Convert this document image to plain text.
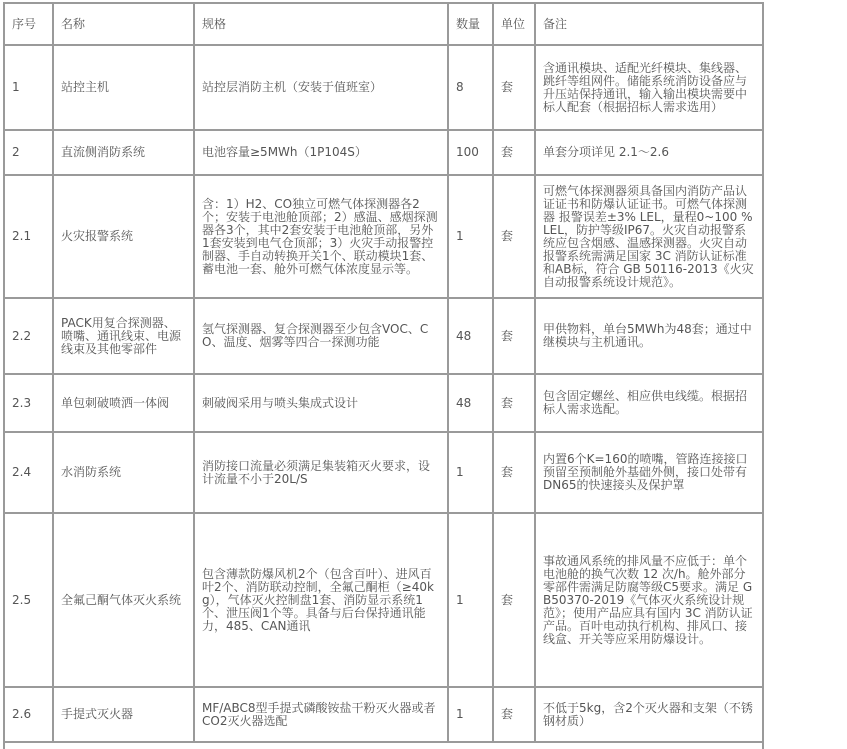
序号	名称	规格	数量	单位	备注
1	站控主机	站控层消防主机（安装于值班室）	8	套	含通讯模块、适配光纤模块、集线器、跳纤等组网件。储能系统消防设备应与升压站保持通讯，输入输出模块需要中标人配套（根据招标人需求选用）
2	直流侧消防系统	电池容量≥5MWh（1P104S）	100	套	单套分项详见 2.1～2.6
2.1	火灾报警系统	含：1）H2、CO独立可燃气体探测器各2个；安装于电池舱顶部；2）感温、感烟探测器各3个，其中2套安装于电池舱顶部，另外1套安装到电气仓顶部；3）火灾手动报警控制器、手自动转换开关1个、联动模块1套、蓄电池一套、舱外可燃气体浓度显示等。	1	套	可燃气体探测器须具备国内消防产品认证证书和防爆认证证书。可燃气体探测器 报警误差±3% LEL，量程0~100 %LEL，防护等级IP67。火灾自动报警系统应包含烟感、温感探测器。火灾自动报警系统需满足国家 3C 消防认证标准和AB标，符合 GB 50116-2013《火灾自动报警系统设计规范》。
2.2	PACK用复合探测器、喷嘴、通讯线束、电源线束及其他零部件	氢气探测器、复合探测器至少包含VOC、CO、温度、烟雾等四合一探测功能	48	套	甲供物料，单台5MWh为48套；通过中继模块与主机通讯。
2.3	单包刺破喷洒一体阀	刺破阀采用与喷头集成式设计	48	套	包含固定螺丝、相应供电线缆。根据招标人需求选配。
2.4	水消防系统	消防接口流量必须满足集装箱灭火要求，设计流量不小于20L/S	1	套	内置6个K=160的喷嘴，管路连接接口预留至预制舱外基础外侧，接口处带有DN65的快速接头及保护罩
2.5	全氟己酮气体灭火系统	包含薄款防爆风机2个（包含百叶）、进风百叶2个、消防联动控制，全氟己酮柜（≥40kg），气体灭火控制盘1套、消防显示系统1个、泄压阀1个等。具备与后台保持通讯能力，485、CAN通讯	1	套	事故通风系统的排风量不应低于：单个电池舱的换气次数 12 次/h。舱外部分零部件需满足防腐等级C5要求。满足 GB50370-2019《气体灭火系统设计规范》；使用产品应具有国内 3C 消防认证产品。百叶电动执行机构、排风口、接线盒、开关等应采用防爆设计。
2.6	手提式灭火器	MF/ABC8型手提式磷酸铵盐干粉灭火器或者CO2灭火器选配	1	套	不低于5kg，含2个灭火器和支架（不锈钢材质）
